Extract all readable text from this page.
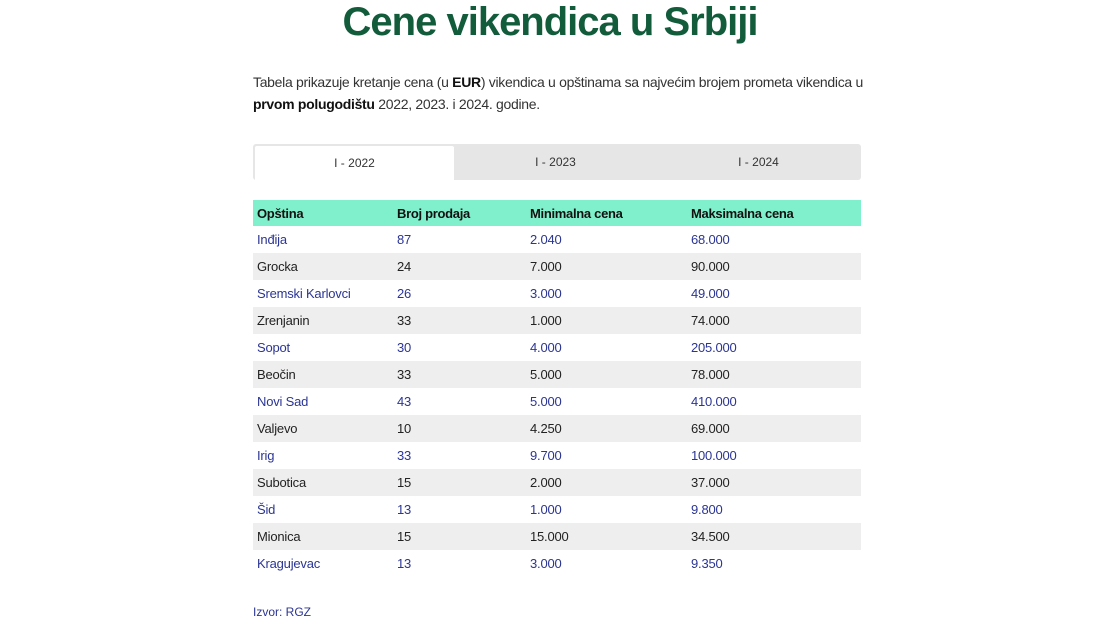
Cene vikendica u Srbiji

Tabela prikazuje kretanje cena (u EUR) vikendica u opštinama sa najvećim brojem prometa vikendica u prvom polugodištu 2022, 2023. i 2024. godine.

I - 2022	I - 2023	I - 2024
Opština	Broj prodaja	Minimalna cena	Maksimalna cena
Inđija	87	2.040	68.000
Grocka	24	7.000	90.000
Sremski Karlovci	26	3.000	49.000
Zrenjanin	33	1.000	74.000
Sopot	30	4.000	205.000
Beočin	33	5.000	78.000
Novi Sad	43	5.000	410.000
Valjevo	10	4.250	69.000
Irig	33	9.700	100.000
Subotica	15	2.000	37.000
Šid	13	1.000	9.800
Mionica	15	15.000	34.500
Kragujevac	13	3.000	9.350
Izvor: RGZ
